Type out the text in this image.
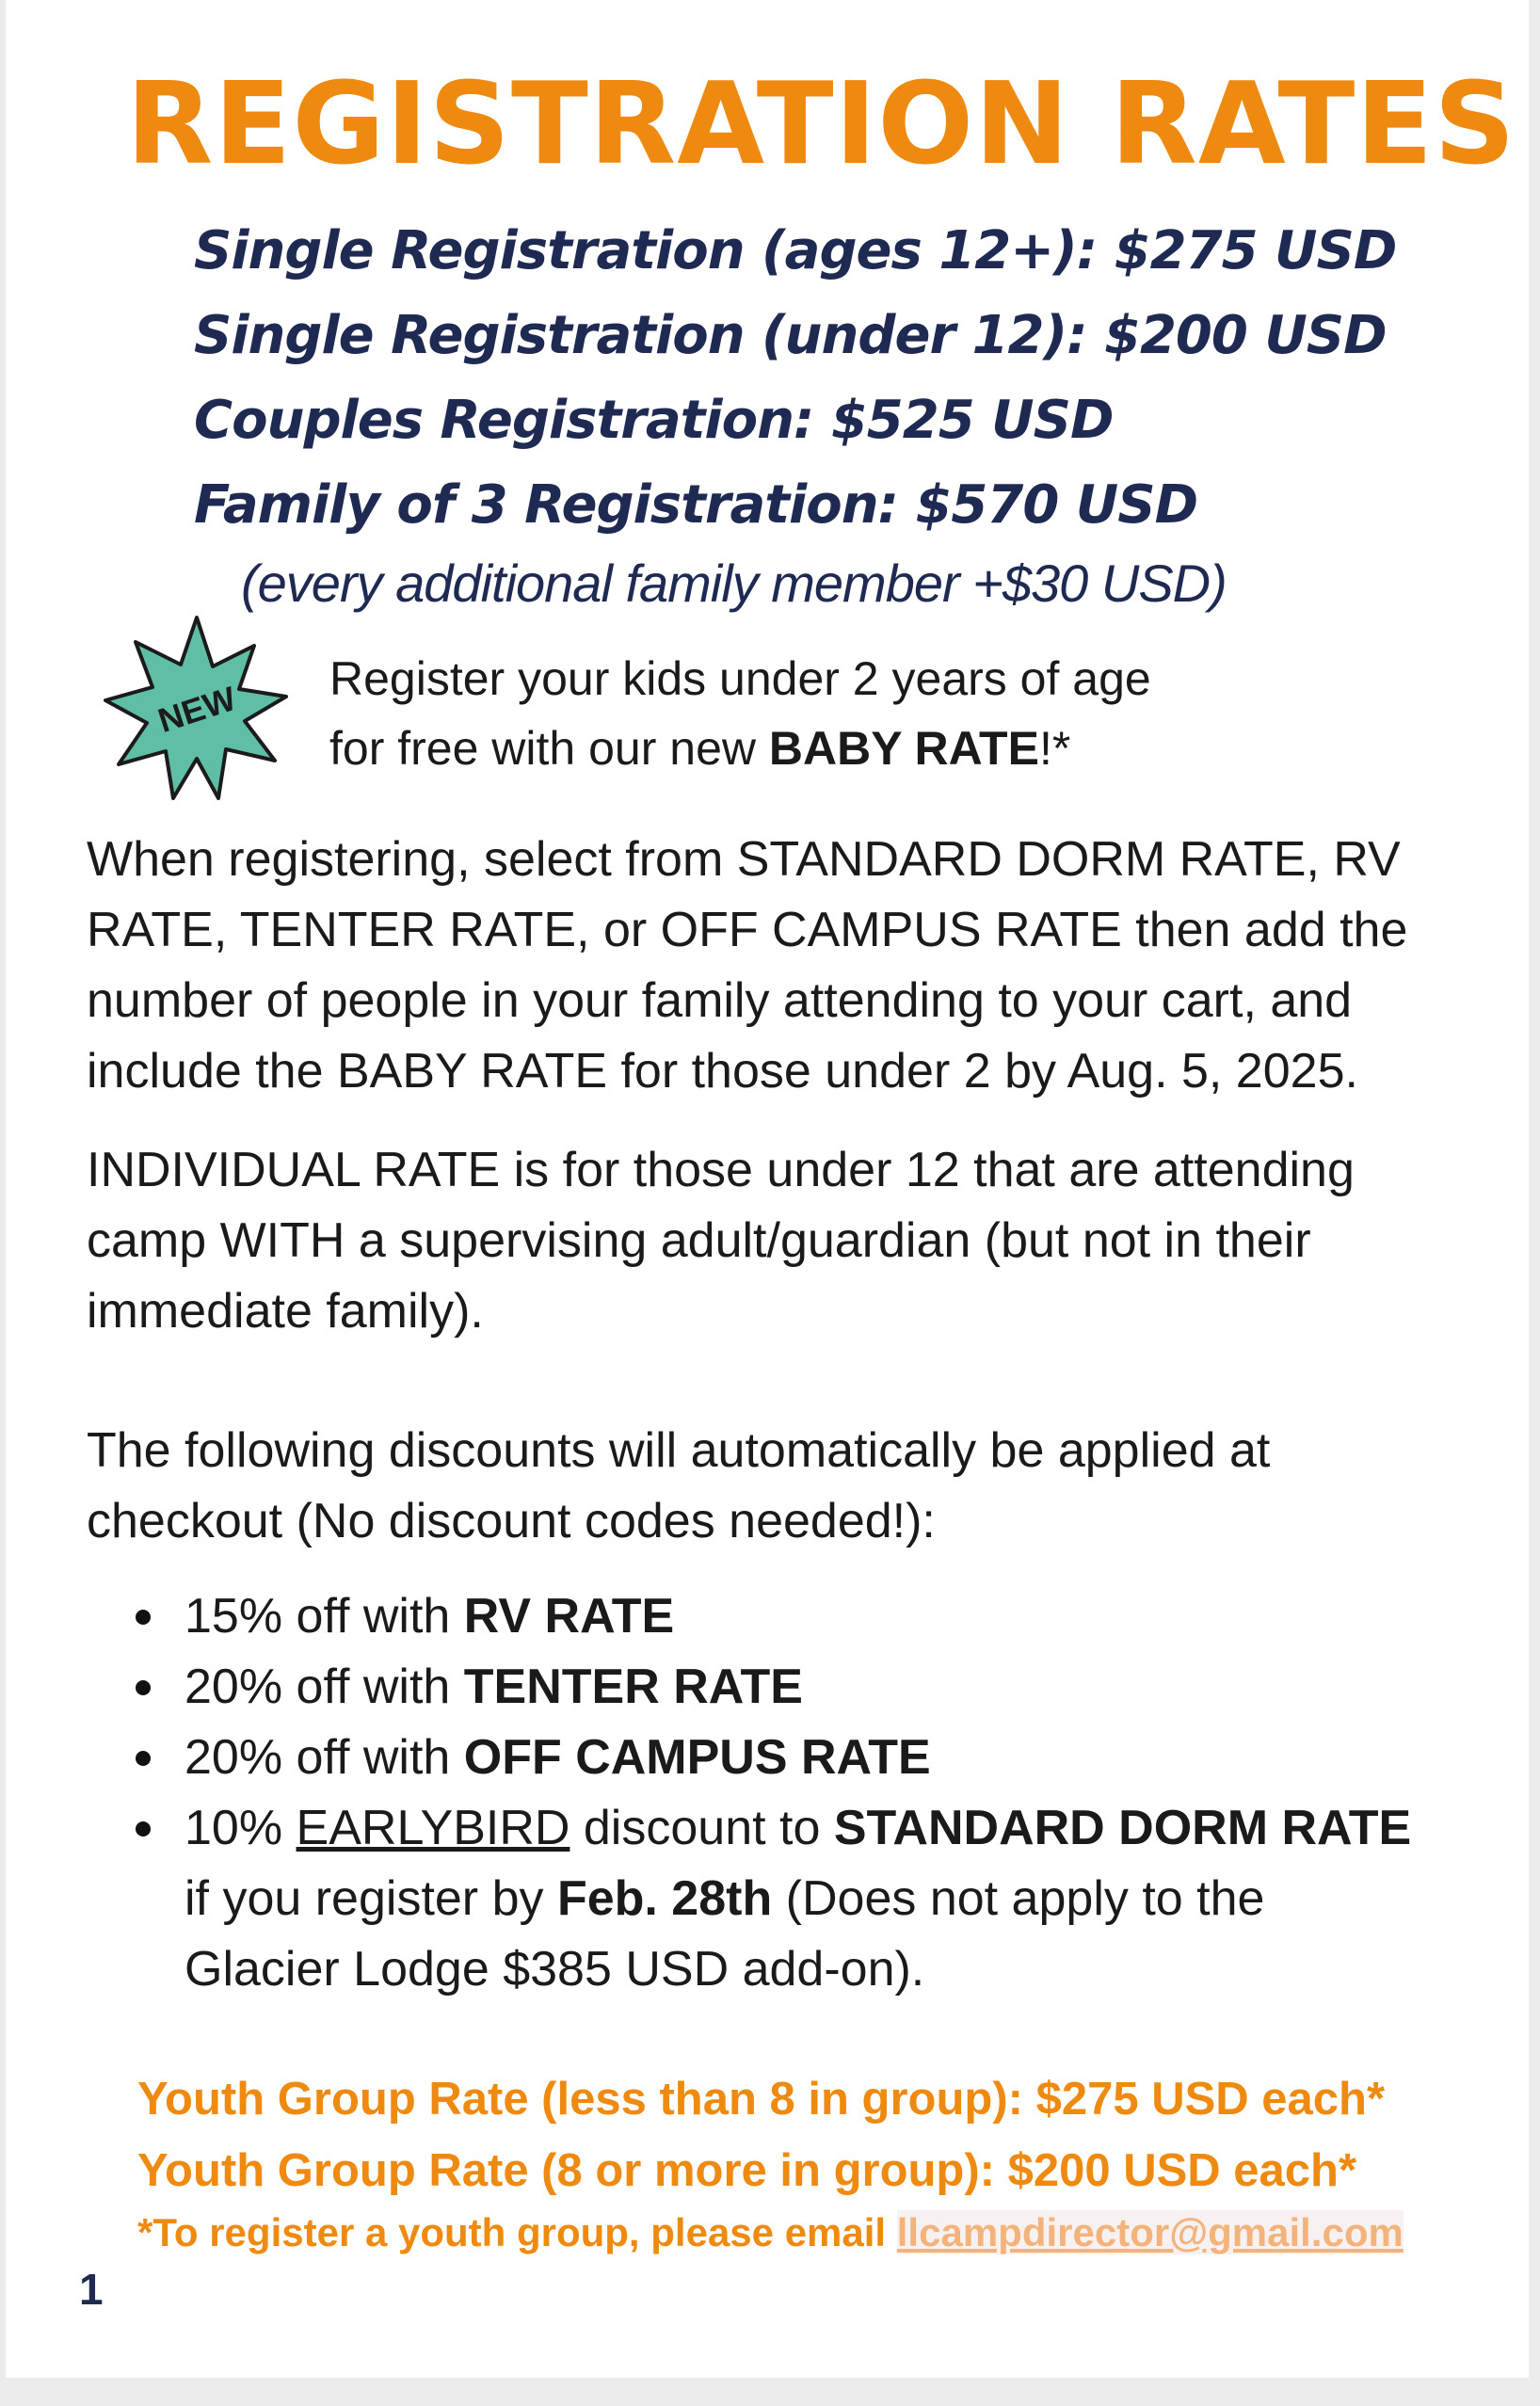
REGISTRATION RATES
Single Registration (ages 12+): $275 USD
Single Registration (under 12): $200 USD
Couples Registration: $525 USD
Family of 3 Registration: $570 USD

(every additional family member +$30 USD)

NEW

Register your kids under 2 years of age
for free with our new BABY RATE!*

When registering, select from STANDARD DORM RATE, RV
RATE, TENTER RATE, or OFF CAMPUS RATE then add the
number of people in your family attending to your cart, and
include the BABY RATE for those under 2 by Aug. 5, 2025.

INDIVIDUAL RATE is for those under 12 that are attending
camp WITH a supervising adult/guardian (but not in their
immediate family).

The following discounts will automatically be applied at
checkout (No discount codes needed!):

15% off with RV RATE
20% off with TENTER RATE
20% off with OFF CAMPUS RATE
10% EARLYBIRD discount to STANDARD DORM RATE
if you register by Feb. 28th (Does not apply to the
Glacier Lodge $385 USD add-on).

Youth Group Rate (less than 8 in group): $275 USD each*

Youth Group Rate (8 or more in group): $200 USD each*

*To register a youth group, please email llcampdirector@gmail.com

1
